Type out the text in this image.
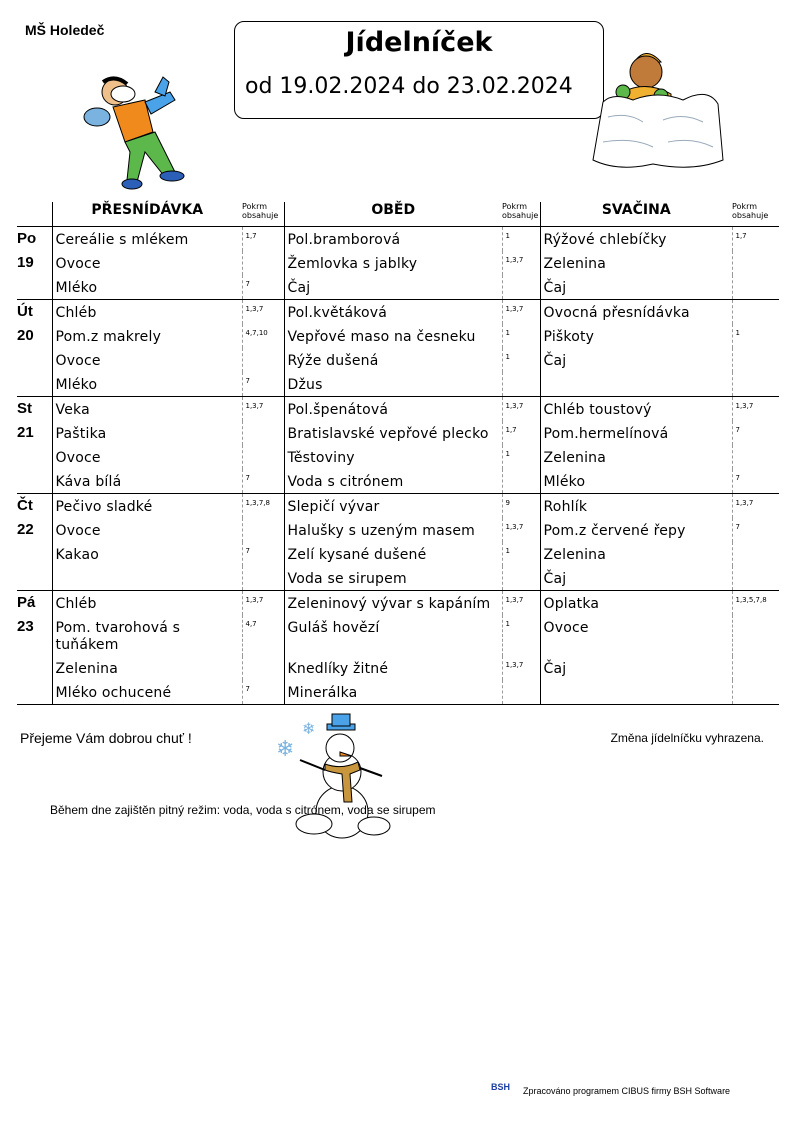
MŠ Holedeč	Jídelníček
od 19.02.2024 do 23.02.2024
	PŘESNÍDÁVKA	Pokrm
obsahuje	OBĚD	Pokrm
obsahuje	SVAČINA	Pokrm
obsahuje

Po
19	Cereálie s mlékem	1,7	Pol.bramborová	1	Rýžové chlebíčky	1,7

	Ovoce		Žemlovka s jablky	1,3,7	Zelenina	

	Mléko	7	Čaj		Čaj	

Út
20	Chléb	1,3,7	Pol.květáková	1,3,7	Ovocná přesnídávka	

	Pom.z makrely	4,7,10	Vepřové maso na česneku	1	Piškoty	1

	Ovoce		Rýže dušená	1	Čaj	

	Mléko	7	Džus			

St
21	Veka	1,3,7	Pol.špenátová	1,3,7	Chléb toustový	1,3,7

	Paštika		Bratislavské vepřové plecko	1,7	Pom.hermelínová	7

	Ovoce		Těstoviny	1	Zelenina	

	Káva bílá	7	Voda s citrónem		Mléko	7

Čt
22	Pečivo sladké	1,3,7,8	Slepičí vývar	9	Rohlík	1,3,7

	Ovoce		Halušky s uzeným masem	1,3,7	Pom.z červené řepy	7

	Kakao	7	Zelí kysané dušené	1	Zelenina	

			Voda se sirupem		Čaj	

Pá
23	Chléb	1,3,7	Zeleninový vývar s kapáním	1,3,7	Oplatka	1,3,5,7,8

	Pom. tvarohová s tuňákem	4,7	Guláš hovězí	1	Ovoce	

	Zelenina		Knedlíky žitné	1,3,7	Čaj	

	Mléko ochucené	7	Minerálka			

Přejeme Vám dobrou chuť !	❄
❄	Změna jídelníčku vyhrazena.
Během dne zajištěn pitný režim: voda, voda s citrónem, voda se sirupem
BSH Zpracováno programem CIBUS firmy BSH Software
